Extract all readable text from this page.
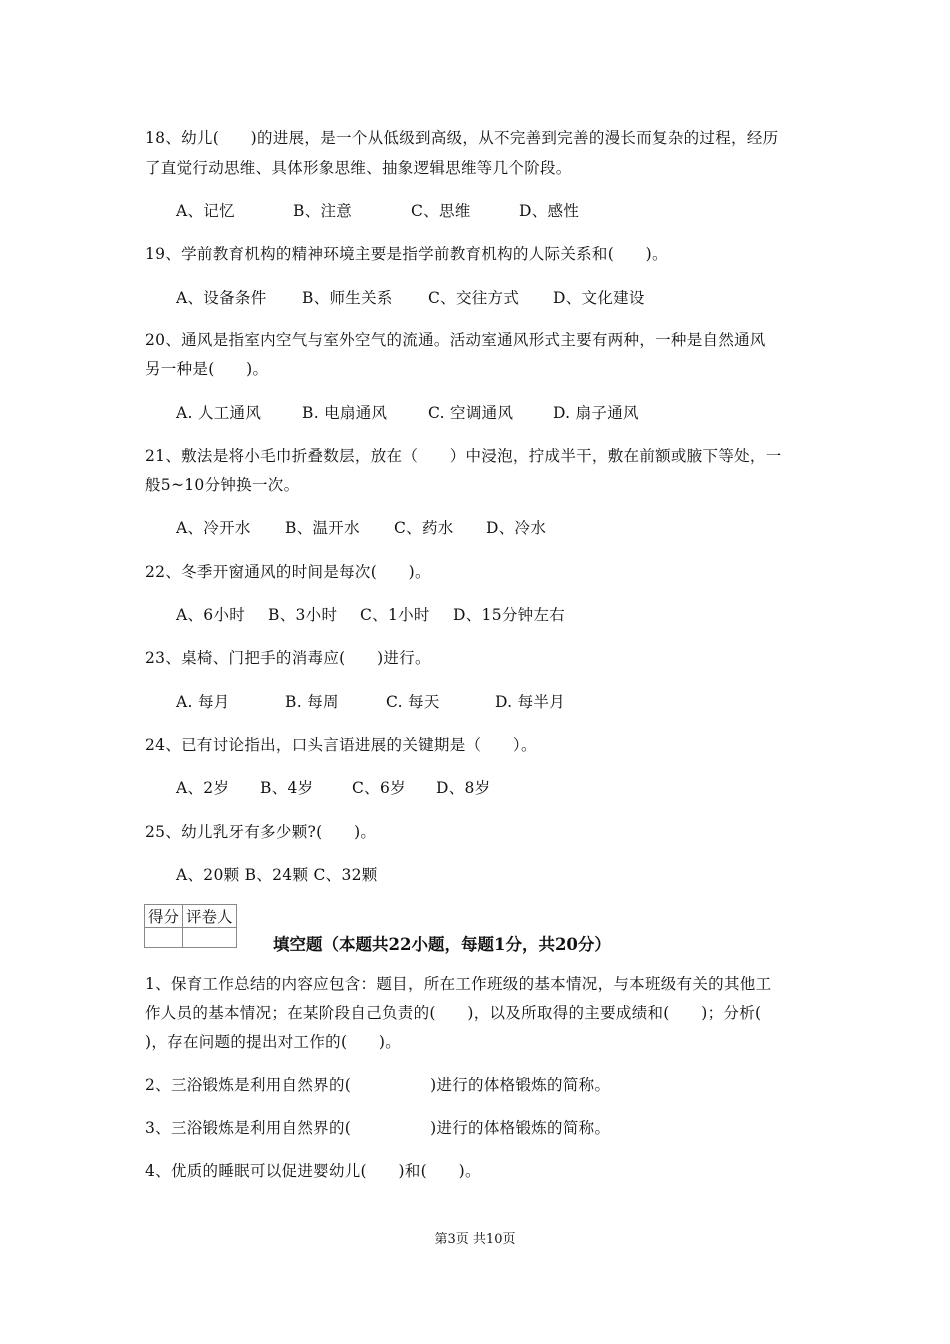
18、幼儿(　　)的进展，是一个从低级到高级，从不完善到完善的漫长而复杂的过程，经历
了直觉行动思维、具体形象思维、抽象逻辑思维等几个阶段。
A、记忆	B、注意	C、思维	D、感性
19、学前教育机构的精神环境主要是指学前教育机构的人际关系和(　　)。
A、设备条件 B、师生关系 C、交往方式 D、文化建设
20、通风是指室内空气与室外空气的流通。活动室通风形式主要有两种，一种是自然通风
另一种是(　　)。
A. 人工通风	B. 电扇通风	C. 空调通风	D. 扇子通风
21、敷法是将小毛巾折叠数层，放在（　　）中浸泡，拧成半干，敷在前额或腋下等处，一
般5~10分钟换一次。
A、冷开水 B、温开水 C、药水 D、冷水
22、冬季开窗通风的时间是每次(　　)。
A、6小时 B、3小时 C、1小时 D、15分钟左右
23、桌椅、门把手的消毒应(　　)进行。
A. 每月	B. 每周	C. 每天	D. 每半月
24、已有讨论指出，口头言语进展的关键期是（　　）。
A、2岁 B、4岁 C、6岁 D、8岁
25、幼儿乳牙有多少颗?(　　)。
A、20颗 B、24颗 C、32颗
得分	评卷人

填空题（本题共22小题，每题1分，共20分）
1、保育工作总结的内容应包含：题目，所在工作班级的基本情况，与本班级有关的其他工
作人员的基本情况；在某阶段自己负责的(　　)，以及所取得的主要成绩和(　　)；分析(
)，存在问题的提出对工作的(　　)。
2、三浴锻炼是利用自然界的(　　　　　)进行的体格锻炼的简称。
3、三浴锻炼是利用自然界的(　　　　　)进行的体格锻炼的简称。
4、优质的睡眠可以促进婴幼儿(　　)和(　　)。
第3页 共10页
